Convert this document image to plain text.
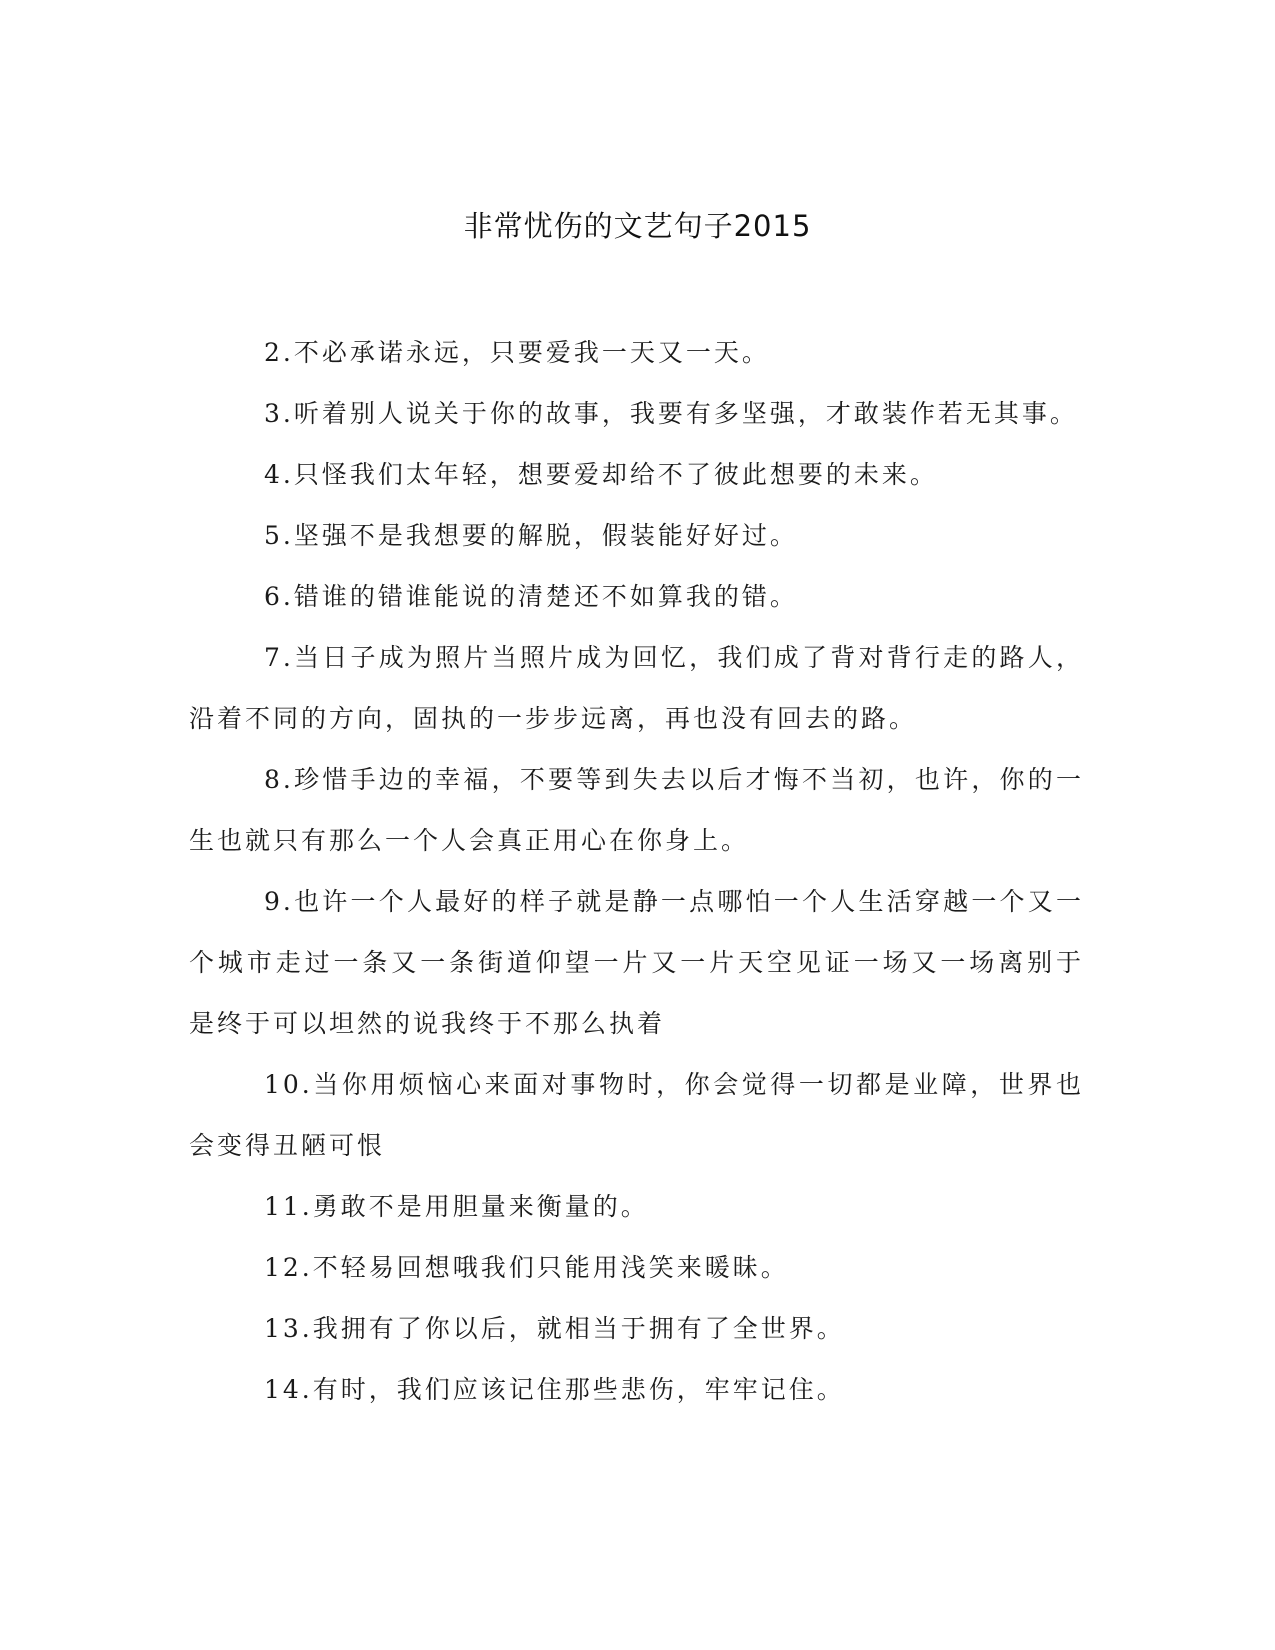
非常忧伤的文艺句子2015

2.不必承诺永远，只要爱我一天又一天。

3.听着别人说关于你的故事，我要有多坚强，才敢装作若无其事。

4.只怪我们太年轻，想要爱却给不了彼此想要的未来。

5.坚强不是我想要的解脱，假装能好好过。

6.错谁的错谁能说的清楚还不如算我的错。

7.当日子成为照片当照片成为回忆，我们成了背对背行走的路人，沿着不同的方向，固执的一步步远离，再也没有回去的路。

8.珍惜手边的幸福，不要等到失去以后才悔不当初，也许，你的一生也就只有那么一个人会真正用心在你身上。

9.也许一个人最好的样子就是静一点哪怕一个人生活穿越一个又一个城市走过一条又一条街道仰望一片又一片天空见证一场又一场离别于是终于可以坦然的说我终于不那么执着

10.当你用烦恼心来面对事物时，你会觉得一切都是业障，世界也会变得丑陋可恨

11.勇敢不是用胆量来衡量的。

12.不轻易回想哦我们只能用浅笑来暖昧。

13.我拥有了你以后，就相当于拥有了全世界。

14.有时，我们应该记住那些悲伤，牢牢记住。
